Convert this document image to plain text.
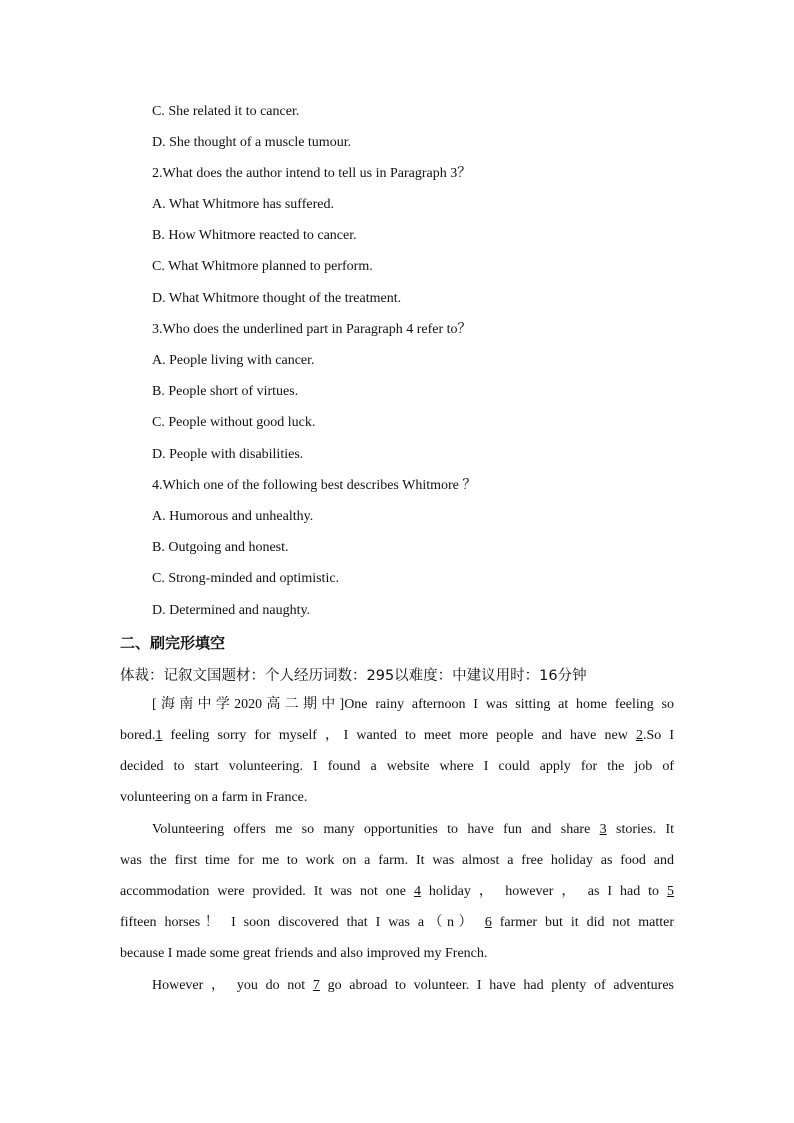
C. She related it to cancer.
D. She thought of a muscle tumour.
2.What does the author intend to tell us in Paragraph 3？
A. What Whitmore has suffered.
B. How Whitmore reacted to cancer.
C. What Whitmore planned to perform.
D. What Whitmore thought of the treatment.
3.Who does the underlined part in Paragraph 4 refer to？
A. People living with cancer.
B. People short of virtues.
C. People without good luck.
D. People with disabilities.
4.Which one of the following best describes Whitmore ？
A. Humorous and unhealthy.
B. Outgoing and honest.
C. Strong-minded and optimistic.
D. Determined and naughty.
二、刷完形填空
体裁：记叙文国题材：个人经历词数：295以难度：中建议用时：16分钟

[海南中学2020高二期中]One rainy afternoon I was sitting at home feeling so

bored.1 feeling sorry for myself ，I wanted to meet more people and have new 2.So I

decided to start volunteering. I found a website where I could apply for the job of

volunteering on a farm in France.

Volunteering offers me so many opportunities to have fun and share 3 stories. It

was the first time for me to work on a farm. It was almost a free holiday as food and

accommodation were provided. It was not one 4 holiday ， however ， as I had to 5

fifteen horses！ I soon discovered that I was a（n） 6 farmer but it did not matter

because I made some great friends and also improved my French.

However ， you do not 7 go abroad to volunteer. I have had plenty of adventures
